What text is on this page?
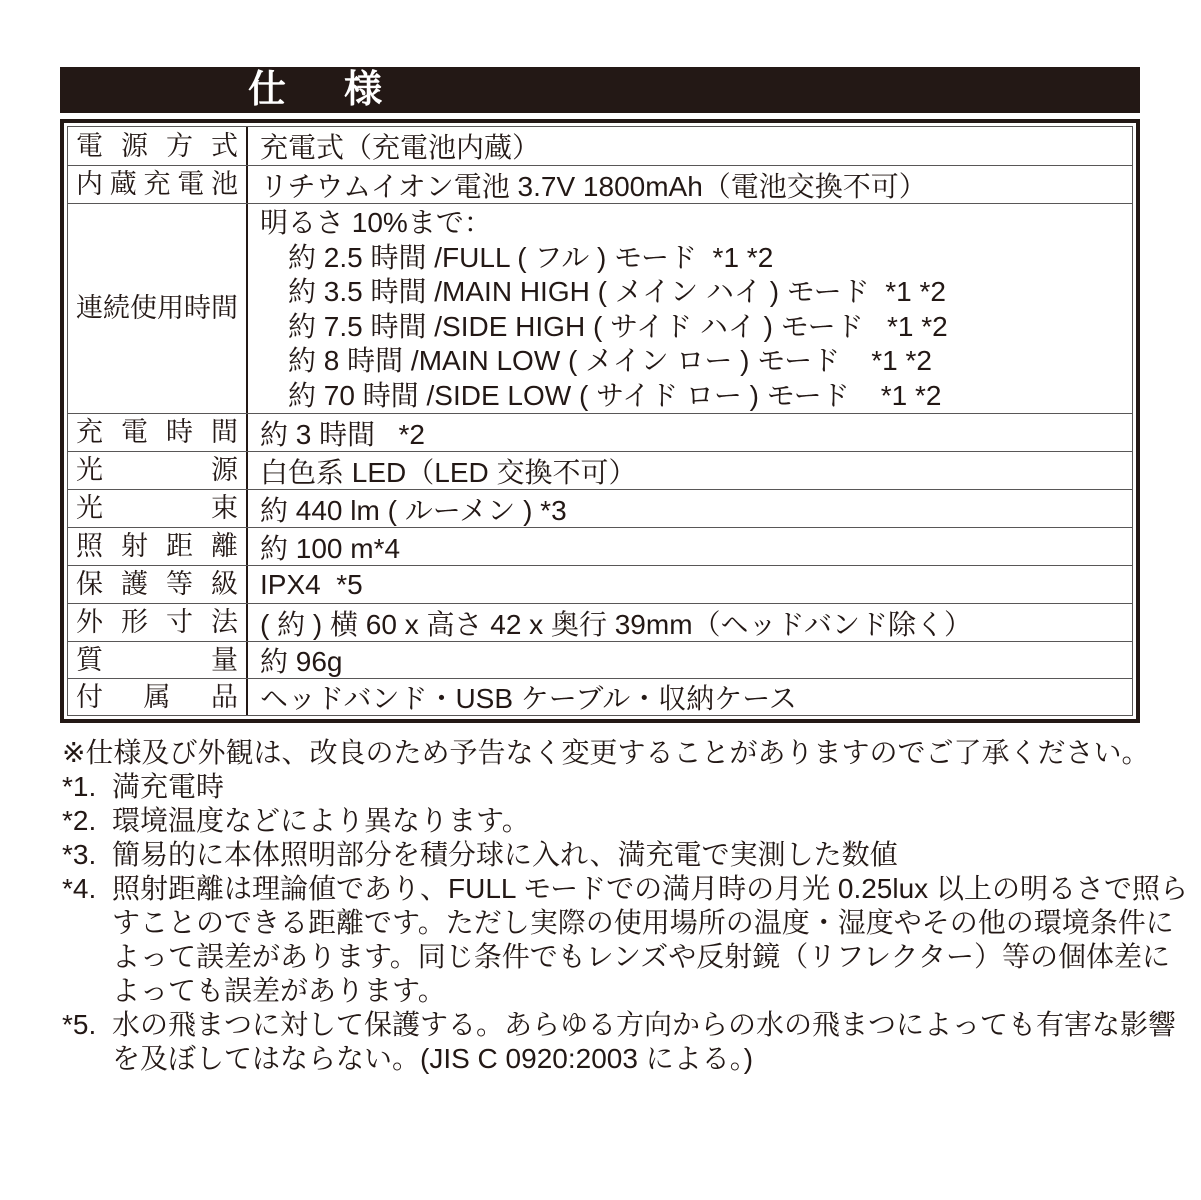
仕　様
電源方式 充電式（充電池内蔵）
内蔵充電池 リチウムイオン電池 3.7V 1800mAh（電池交換不可）
連続使用時間
明るさ 10%まで：
約 2.5 時間 /FULL ( フル ) モード  *1 *2
約 3.5 時間 /MAIN HIGH ( メイン ハイ ) モード  *1 *2
約 7.5 時間 /SIDE HIGH ( サイド ハイ ) モード   *1 *2
約 8 時間 /MAIN LOW ( メイン ロー ) モード    *1 *2
約 70 時間 /SIDE LOW ( サイド ロー ) モード    *1 *2
充電時間 約 3 時間   *2
光源 白色系 LED（LED 交換不可）
光束 約 440 lm ( ルーメン ) *3
照射距離 約 100 m*4
保護等級 IPX4  *5
外形寸法 ( 約 ) 横 60 x 高さ 42 x 奥行 39mm（ヘッドバンド除く）
質量 約 96g
付属品 ヘッドバンド・USB ケーブル・収納ケース
※仕様及び外観は、改良のため予告なく変更することがありますのでご了承ください。
*1. 満充電時
*2. 環境温度などにより異なります。
*3. 簡易的に本体照明部分を積分球に入れ、満充電で実測した数値
*4. 照射距離は理論値であり、FULL モードでの満月時の月光 0.25lux 以上の明るさで照らすことのできる距離です。ただし実際の使用場所の温度・湿度やその他の環境条件によって誤差があります。同じ条件でもレンズや反射鏡（リフレクター）等の個体差によっても誤差があります。
*5. 水の飛まつに対して保護する。あらゆる方向からの水の飛まつによっても有害な影響を及ぼしてはならない。(JIS C 0920:2003 による。)
